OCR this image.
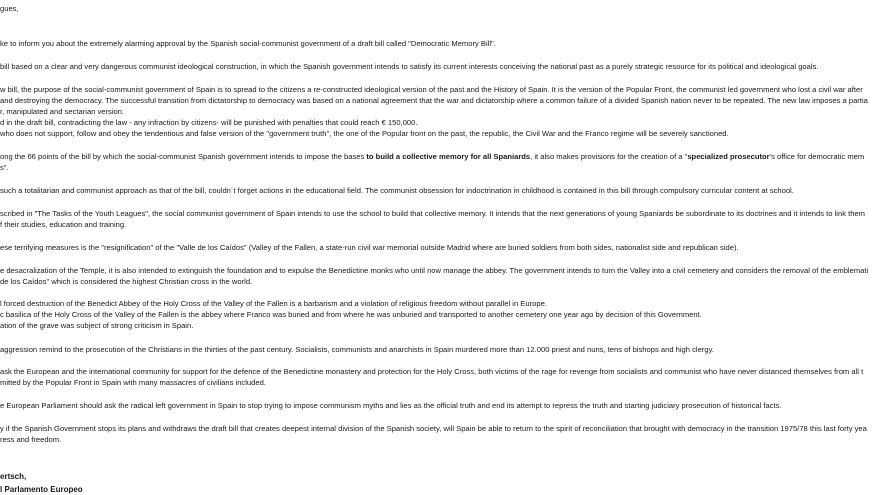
gues,
ke to inform you about the extremely alarming approval by the Spanish social-communist government of a draft bill called "Democratic Memory Bill".
bill based on a clear and very dangerous communist ideological construction, in which the Spanish government intends to satisfy its current interests conceiving the national past as a purely strategic resource for its political and ideological goals.
w bill, the purpose of the social-communist government of Spain is to spread to the citizens a re-constructed ideological version of the past and the History of Spain. It is the version of the Popular Front, the communist led government who lost a civil war after
and destroying the democracy. The successful transition from dictatorship to democracy was based on a national agreement that the war and dictatorship where a common failure of a divided Spanish nation never to be repeated. The new law imposes a partia
r, manipulated and sectarian version.
d in the draft bill, contradicting the law - any infraction by citizens- will be punished with penalties that could reach € 150,000.
who does not support, follow and obey the tendentious and false version of the "government truth", the one of the Popular front on the past, the republic, the Civil War and the Franco regime will be severely sanctioned.
ong the 66 points of the bill by which the social-communist Spanish government intends to impose the bases to build a collective memory for all Spaniards, it also makes provisions for the creation of a "specialized prosecutor's office for democratic mem
s".
such a totalitarian and communist approach as that of the bill, couldn´t forget actions in the educational field. The communist obsession for indoctrination in childhood is contained in this bill through compulsory curricular content at school.
scribed in "The Tasks of the Youth Leagues", the social communist government of Spain intends to use the school to build that collective memory. It intends that the next generations of young Spaniards be subordinate to its doctrines and it intends to link them
f their studies, education and training.
ese terrifying measures is the "resignification" of the "Valle de los Caídos" (Valley of the Fallen, a state-run civil war memorial outside Madrid where are buried soldiers from both sides, nationalist side and republican side).
e desacralization of the Temple, it is also intended to extinguish the foundation and to expulse the Benedictine monks who until now manage the abbey. The government intends to turn the Valley into a civil cemetery and considers the removal of the emblemati
de los Caídos" which is considered the highest Christian cross in the world.
l forced destruction of the Benedict Abbey of the Holy Cross of the Valley of the Fallen is a barbarism and a violation of religious freedom without parallel in Europe.
c basilica of the Holy Cross of the Valley of the Fallen is the abbey where Franco was buried and from where he was unburied and transported to another cemetery one year ago by decision of this Government.
ation of the grave was subject of strong criticism in Spain.
aggression remind to the prosecution of the Christians in the thirties of the past century. Socialists, communists and anarchists in Spain murdered more than 12.000 priest and nuns, tens of bishops and high clergy.
ask the European and the international community for support for the defence of the Benedictine monastery and protection for the Holy Cross, both victims of the rage for revenge from socialists and communist who have never distanced themselves from all t
mitted by the Popular Front in Spain with many massacres of civilians included.
e European Parliament should ask the radical left government in Spain to stop trying to impose communism myths and lies as the official truth and end its attempt to repress the truth and starting judiciary prosecution of historical facts.
y if the Spanish Government stops its plans and withdraws the draft bill that creates deepest internal division of the Spanish society, will Spain be able to return to the spirit of reconciliation that brought with democracy in the transition 1975/78 this last forty yea
ress and freedom.
ertsch,
l Parlamento Europeo
